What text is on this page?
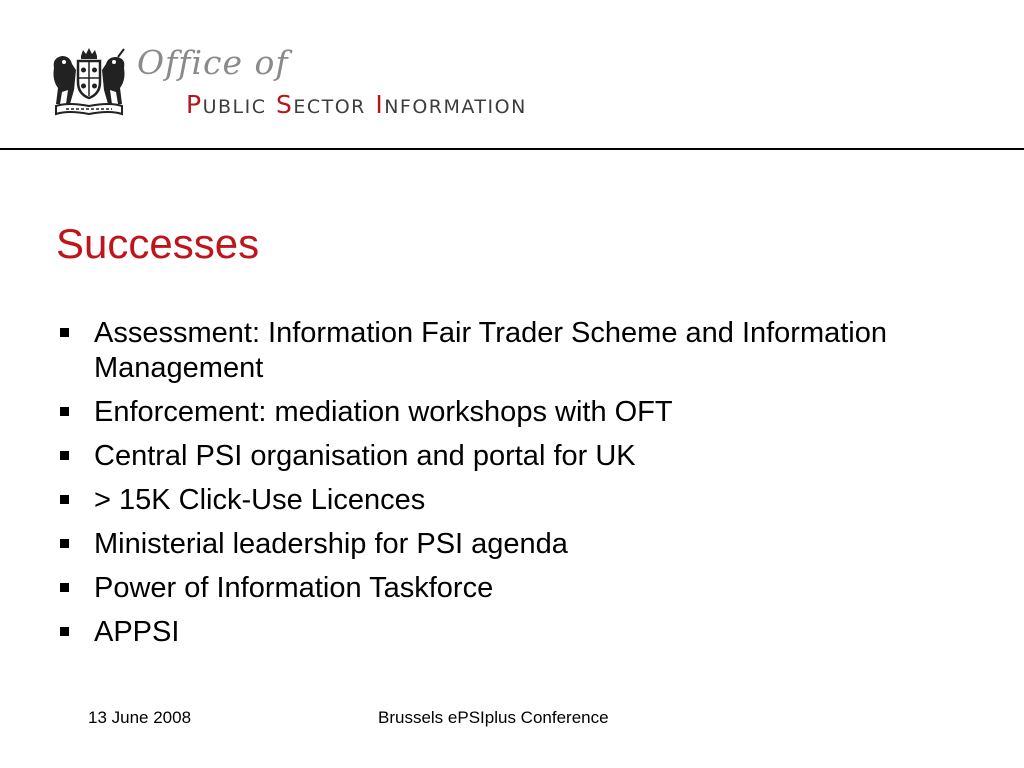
Office of
PUBLIC SECTOR INFORMATION
Successes
Assessment: Information Fair Trader Scheme and Information Management
Enforcement: mediation workshops with OFT
Central PSI organisation and portal for UK
> 15K Click-Use Licences
Ministerial leadership for PSI agenda
Power of Information Taskforce
APPSI
13 June 2008	Brussels ePSIplus Conference
